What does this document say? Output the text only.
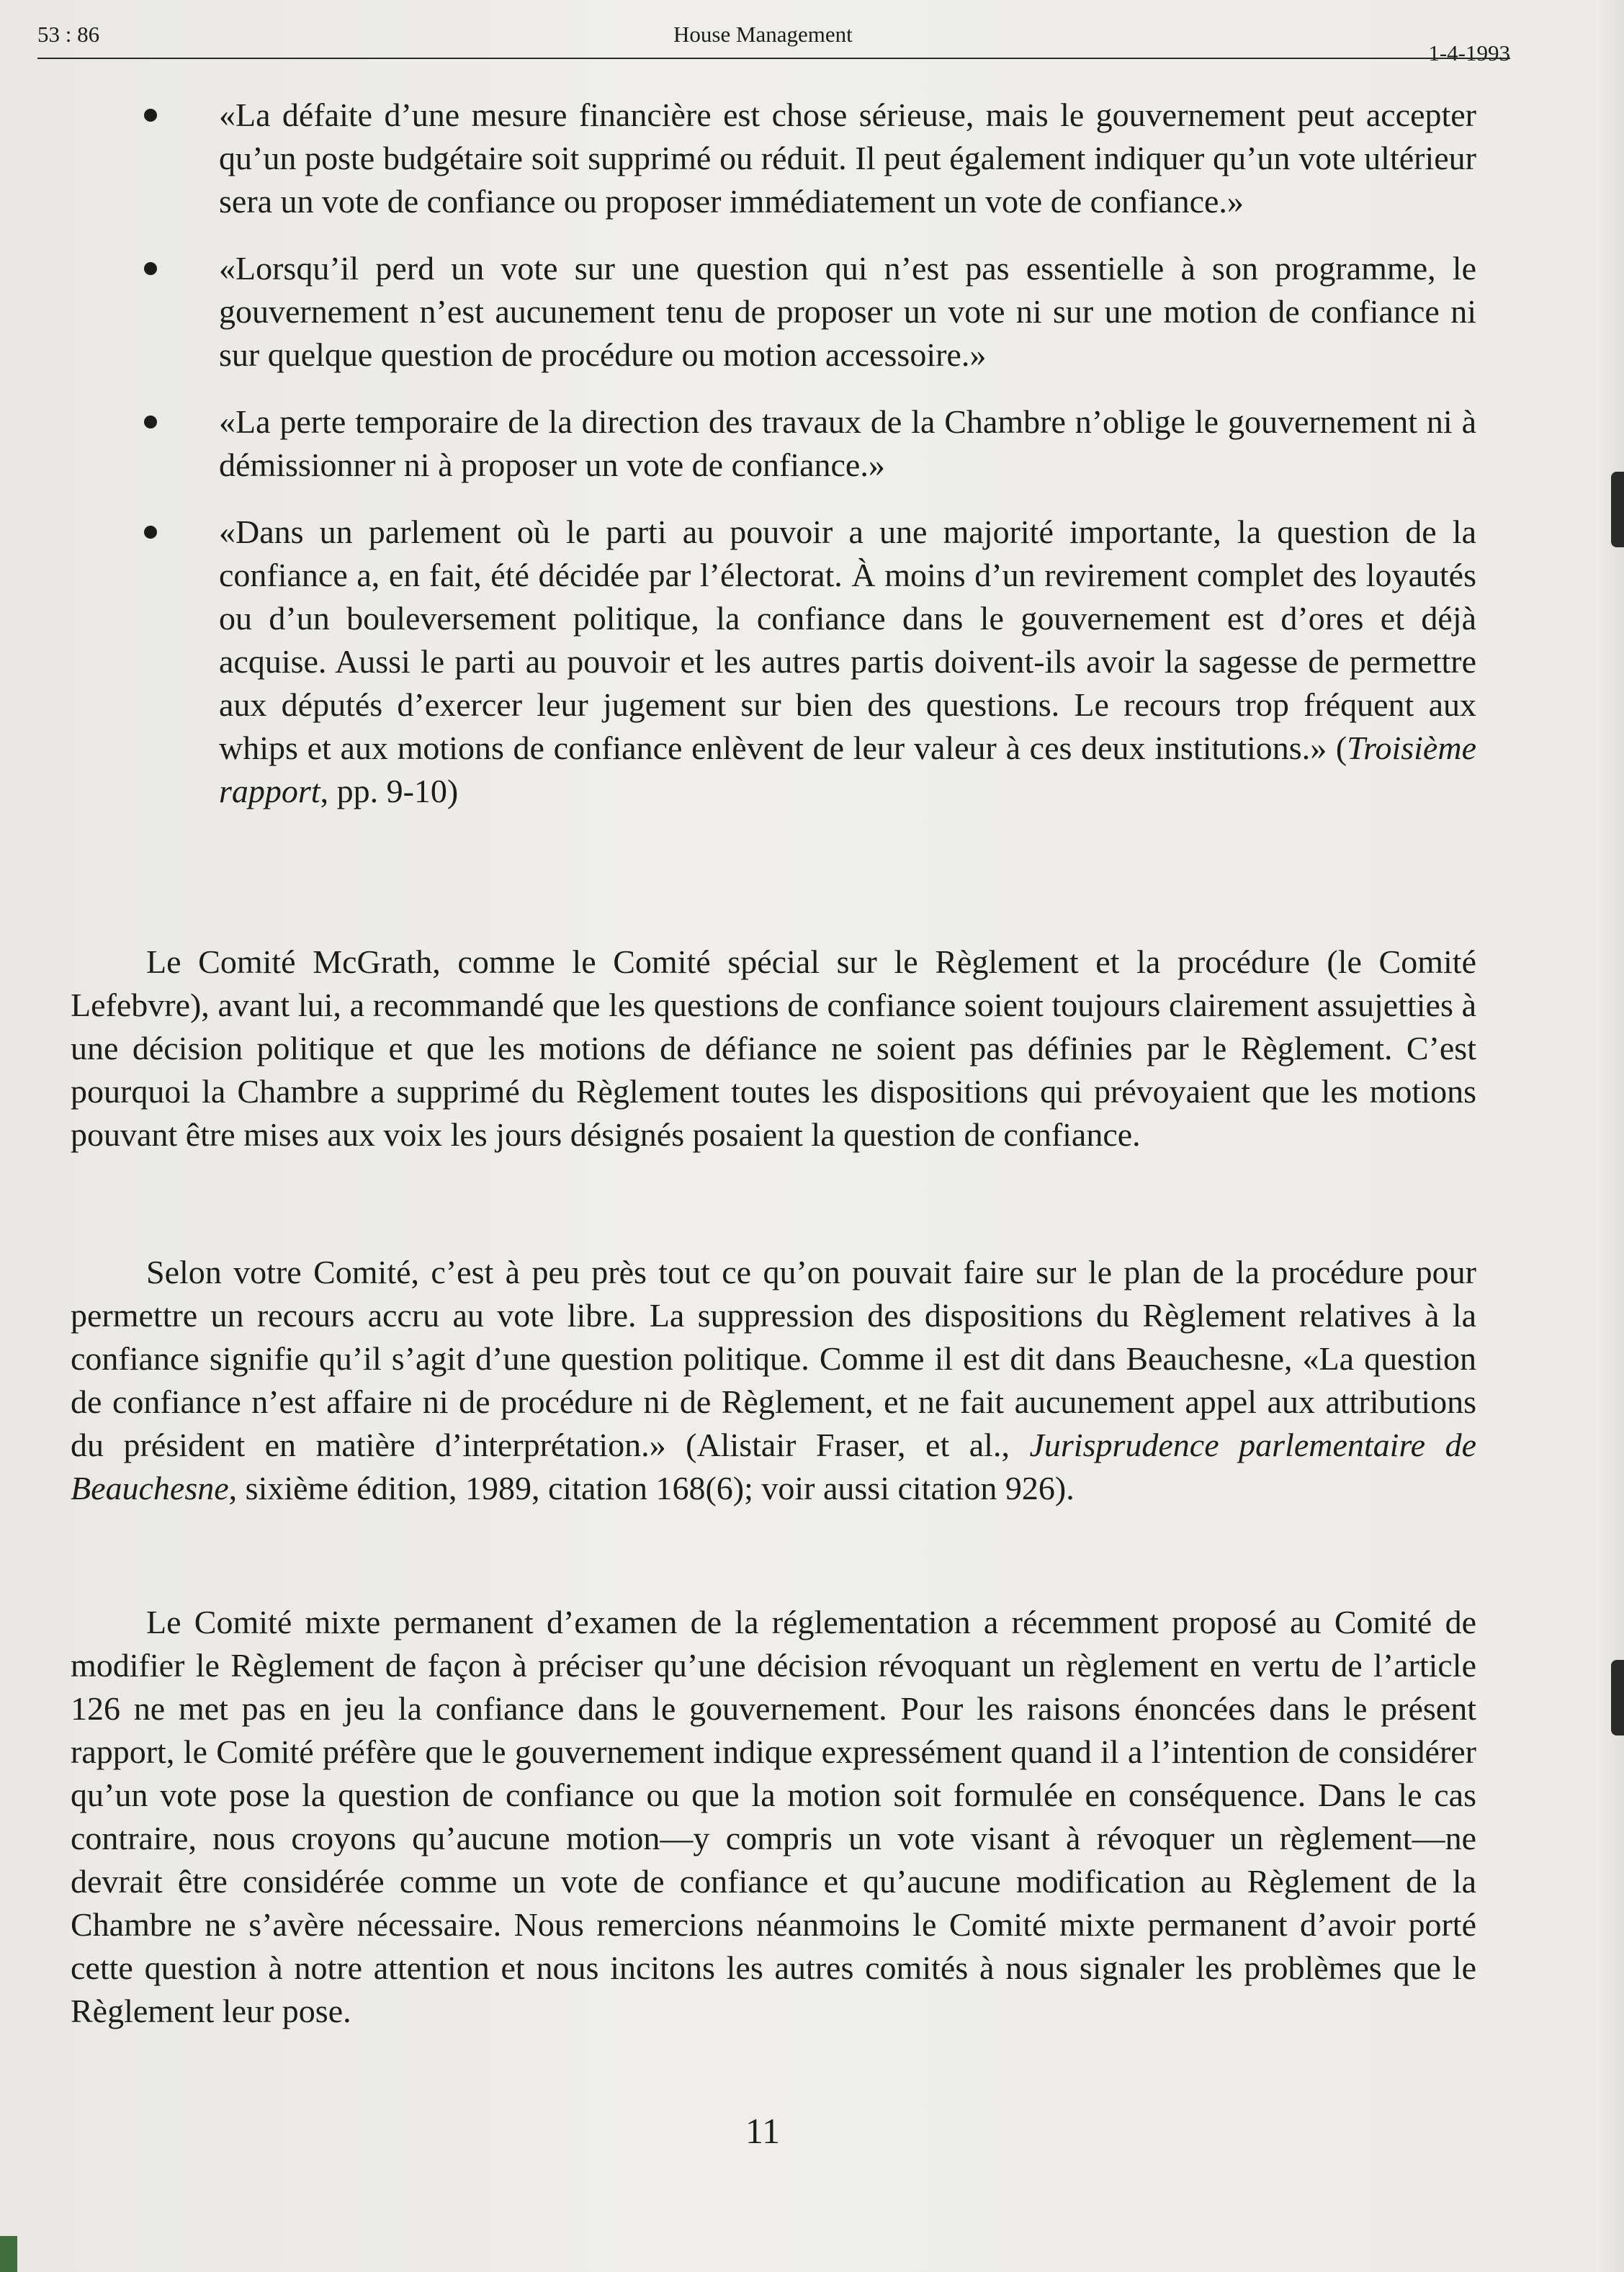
53 : 86	House Management
1-4-1993
«La défaite d’une mesure financière est chose sérieuse, mais le gouvernement peut accepter qu’un poste budgétaire soit supprimé ou réduit. Il peut également indiquer qu’un vote ultérieur sera un vote de confiance ou proposer immédiatement un vote de confiance.»
«Lorsqu’il perd un vote sur une question qui n’est pas essentielle à son programme, le gouvernement n’est aucunement tenu de proposer un vote ni sur une motion de confiance ni sur quelque question de procédure ou motion accessoire.»
«La perte temporaire de la direction des travaux de la Chambre n’oblige le gouvernement ni à démissionner ni à proposer un vote de confiance.»
«Dans un parlement où le parti au pouvoir a une majorité importante, la question de la confiance a, en fait, été décidée par l’électorat. À moins d’un revirement complet des loyautés ou d’un bouleversement politique, la confiance dans le gouvernement est d’ores et déjà acquise. Aussi le parti au pouvoir et les autres partis doivent-ils avoir la sagesse de permettre aux députés d’exercer leur jugement sur bien des questions. Le recours trop fréquent aux whips et aux motions de confiance enlèvent de leur valeur à ces deux institutions.» (Troisième rapport, pp. 9-10)

Le Comité McGrath, comme le Comité spécial sur le Règlement et la procédure (le Comité Lefebvre), avant lui, a recommandé que les questions de confiance soient toujours clairement assujetties à une décision politique et que les motions de défiance ne soient pas définies par le Règlement. C’est pourquoi la Chambre a supprimé du Règlement toutes les dispositions qui prévoyaient que les motions pouvant être mises aux voix les jours désignés posaient la question de confiance.

Selon votre Comité, c’est à peu près tout ce qu’on pouvait faire sur le plan de la procédure pour permettre un recours accru au vote libre. La suppression des dispositions du Règlement relatives à la confiance signifie qu’il s’agit d’une question politique. Comme il est dit dans Beauchesne, «La question de confiance n’est affaire ni de procédure ni de Règlement, et ne fait aucunement appel aux attributions du président en matière d’interprétation.» (Alistair Fraser, et al., Jurisprudence parlementaire de Beauchesne, sixième édition, 1989, citation 168(6); voir aussi citation 926).

Le Comité mixte permanent d’examen de la réglementation a récemment proposé au Comité de modifier le Règlement de façon à préciser qu’une décision révoquant un règlement en vertu de l’article 126 ne met pas en jeu la confiance dans le gouvernement. Pour les raisons énoncées dans le présent rapport, le Comité préfère que le gouvernement indique expressément quand il a l’intention de considérer qu’un vote pose la question de confiance ou que la motion soit formulée en conséquence. Dans le cas contraire, nous croyons qu’aucune motion—y compris un vote visant à révoquer un règlement—ne devrait être considérée comme un vote de confiance et qu’aucune modification au Règlement de la Chambre ne s’avère nécessaire. Nous remercions néanmoins le Comité mixte permanent d’avoir porté cette question à notre attention et nous incitons les autres comités à nous signaler les problèmes que le Règlement leur pose.

11
